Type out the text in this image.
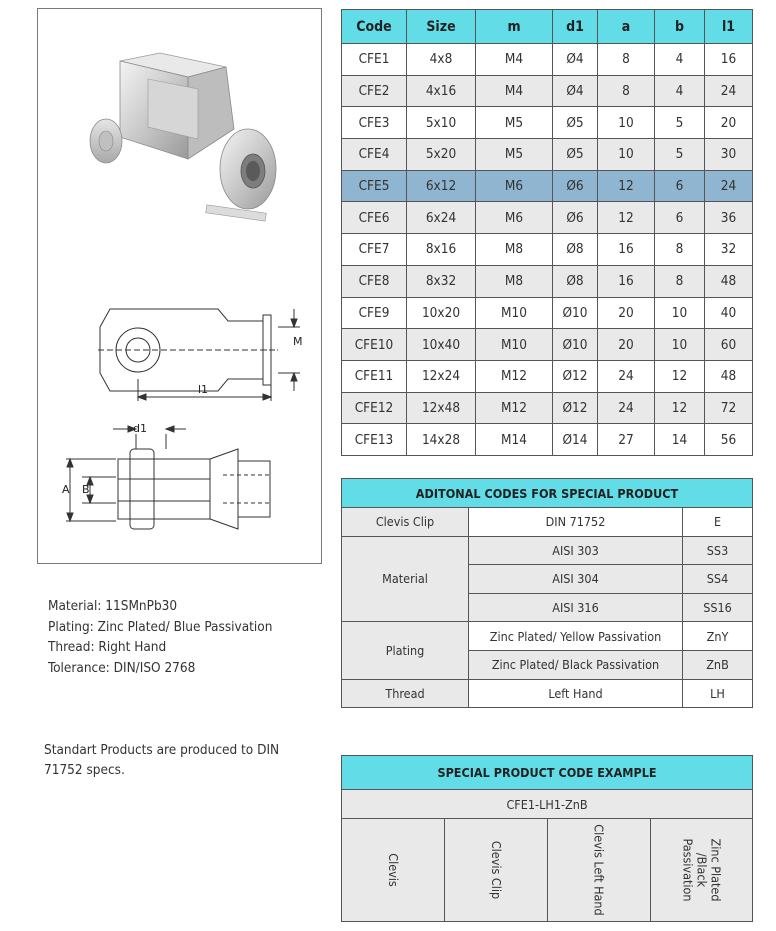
M
l1
d1
A B
Material: 11SMnPb30
Plating: Zinc Plated/ Blue Passivation
Thread: Right Hand
Tolerance: DIN/ISO 2768
Standart Products are produced to DIN 71752 specs.
Code	Size	m	d1	a	b	l1
CFE1	4x8	M4	Ø4	8	4	16
CFE2	4x16	M4	Ø4	8	4	24
CFE3	5x10	M5	Ø5	10	5	20
CFE4	5x20	M5	Ø5	10	5	30
CFE5	6x12	M6	Ø6	12	6	24
CFE6	6x24	M6	Ø6	12	6	36
CFE7	8x16	M8	Ø8	16	8	32
CFE8	8x32	M8	Ø8	16	8	48
CFE9	10x20	M10	Ø10	20	10	40
CFE10	10x40	M10	Ø10	20	10	60
CFE11	12x24	M12	Ø12	24	12	48
CFE12	12x48	M12	Ø12	24	12	72
CFE13	14x28	M14	Ø14	27	14	56
ADITONAL CODES FOR SPECIAL PRODUCT		
Clevis Clip	DIN 71752	E
Material	AISI 303	SS3
	AISI 304	SS4
	AISI 316	SS16
Plating	Zinc Plated/ Yellow Passivation	ZnY
	Zinc Plated/ Black Passivation	ZnB
Thread	Left Hand	LH
SPECIAL PRODUCT CODE EXAMPLE
CFE1-LH1-ZnB
Clevis	Clevis Clip	Clevis Left Hand	Zinc Plated /Black Passivation
